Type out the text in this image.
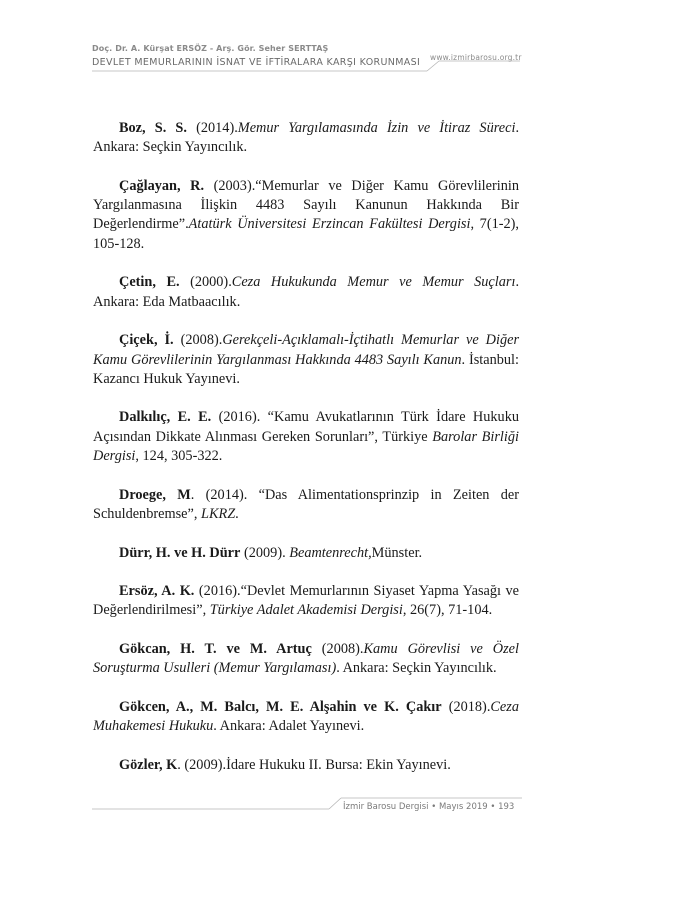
Doç. Dr. A. Kürşat ERSÖZ - Arş. Gör. Seher SERTTAŞ
DEVLET MEMURLARININ İSNAT VE İFTİRALARA KARŞI KORUNMASI	www.izmirbarosu.org.tr

Boz, S. S. (2014).Memur Yargılamasında İzin ve İtiraz Süreci. Ankara: Seçkin Yayıncılık.

Çağlayan, R. (2003).“Memurlar ve Diğer Kamu Görevlilerinin Yargılanmasına İlişkin 4483 Sayılı Kanunun Hakkında Bir Değerlendirme”.Atatürk Üniversitesi Erzincan Fakültesi Dergisi, 7(1-2), 105-128.

Çetin, E. (2000).Ceza Hukukunda Memur ve Memur Suçları. Ankara: Eda Matbaacılık.

Çiçek, İ. (2008).Gerekçeli-Açıklamalı-İçtihatlı Memurlar ve Diğer Kamu Görevlilerinin Yargılanması Hakkında 4483 Sayılı Kanun. İstanbul: Kazancı Hukuk Yayınevi.

Dalkılıç, E. E. (2016). “Kamu Avukatlarının Türk İdare Hukuku Açısından Dikkate Alınması Gereken Sorunları”, Türkiye Barolar Birliği Dergisi, 124, 305-322.

Droege, M. (2014). “Das Alimentationsprinzip in Zeiten der Schuldenbremse”, LKRZ.

Dürr, H. ve H. Dürr (2009). Beamtenrecht,Münster.

Ersöz, A. K. (2016).“Devlet Memurlarının Siyaset Yapma Yasağı ve Değerlendirilmesi”, Türkiye Adalet Akademisi Dergisi, 26(7), 71-104.

Gökcan, H. T. ve M. Artuç (2008).Kamu Görevlisi ve Özel Soruşturma Usulleri (Memur Yargılaması). Ankara: Seçkin Yayıncılık.

Gökcen, A., M. Balcı, M. E. Alşahin ve K. Çakır (2018).Ceza Muhakemesi Hukuku. Ankara: Adalet Yayınevi.

Gözler, K. (2009).İdare Hukuku II. Bursa: Ekin Yayınevi.

İzmir Barosu Dergisi • Mayıs 2019 • 193
